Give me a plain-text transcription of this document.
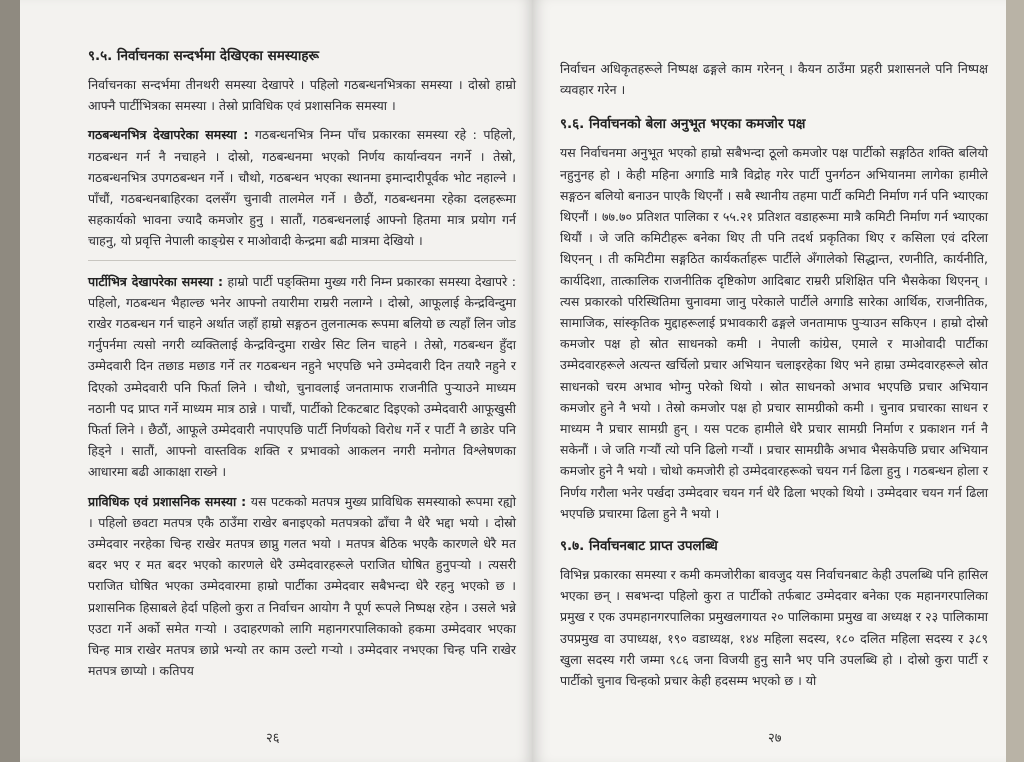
९.५. निर्वाचनका सन्दर्भमा देखिएका समस्याहरू
निर्वाचनका सन्दर्भमा तीनथरी समस्या देखापरे । पहिलो गठबन्धनभित्रका समस्या । दोस्रो हाम्रो आफ्नै पार्टीभित्रका समस्या । तेस्रो प्राविधिक एवं प्रशासनिक समस्या ।
गठबन्धनभित्र देखापरेका समस्या : गठबन्धनभित्र निम्न पाँच प्रकारका समस्या रहे : पहिलो, गठबन्धन गर्न नै नचाहने । दोस्रो, गठबन्धनमा भएको निर्णय कार्यान्वयन नगर्ने । तेस्रो, गठबन्धनभित्र उपगठबन्धन गर्ने । चौथो, गठबन्धन भएका स्थानमा इमान्दारीपूर्वक भोट नहाल्ने । पाँचौं, गठबन्धनबाहिरका दलसँग चुनावी तालमेल गर्ने । छैठौं, गठबन्धनमा रहेका दलहरूमा सहकार्यको भावना ज्यादै कमजोर हुनु । सातौं, गठबन्धनलाई आफ्नो हितमा मात्र प्रयोग गर्न चाहनु, यो प्रवृत्ति नेपाली काङ्ग्रेस र माओवादी केन्द्रमा बढी मात्रमा देखियो ।
पार्टीभित्र देखापरेका समस्या : हाम्रो पार्टी पङ्क्तिमा मुख्य गरी निम्न प्रकारका समस्या देखापरे : पहिलो, गठबन्धन भैहाल्छ भनेर आफ्नो तयारीमा राम्ररी नलाग्ने । दोस्रो, आफूलाई केन्द्रविन्दुमा राखेर गठबन्धन गर्न चाहने अर्थात जहाँ हाम्रो सङ्गठन तुलनात्मक रूपमा बलियो छ त्यहाँ लिन जोड गर्नुपर्नमा त्यसो नगरी व्यक्तिलाई केन्द्रविन्दुमा राखेर सिट लिन चाहने । तेस्रो, गठबन्धन हुँदा उम्मेदवारी दिन तछाड मछाड गर्ने तर गठबन्धन नहुने भएपछि भने उम्मेदवारी दिन तयारै नहुने र दिएको उम्मेदवारी पनि फिर्ता लिने । चौथो, चुनावलाई जनतामाफ राजनीति पुऱ्याउने माध्यम नठानी पद प्राप्त गर्ने माध्यम मात्र ठान्ने । पाचौं, पार्टीको टिकटबाट दिइएको उम्मेदवारी आफूखुसी फिर्ता लिने । छैठौं, आफूले उम्मेदवारी नपाएपछि पार्टी निर्णयको विरोध गर्ने र पार्टी नै छाडेर पनि हिड्ने । सातौं, आफ्नो वास्तविक शक्ति र प्रभावको आकलन नगरी मनोगत विश्लेषणका आधारमा बढी आकाक्षा राख्ने ।
प्राविधिक एवं प्रशासनिक समस्या : यस पटकको मतपत्र मुख्य प्राविधिक समस्याको रूपमा रह्यो । पहिलो छवटा मतपत्र एकै ठाउँमा राखेर बनाइएको मतपत्रको ढाँचा नै धेरै भद्दा भयो । दोस्रो उम्मेदवार नरहेका चिन्ह राखेर मतपत्र छाप्नु गलत भयो । मतपत्र बेठिक भएकै कारणले धेरै मत बदर भए र मत बदर भएको कारणले धेरै उम्मेदवारहरूले पराजित घोषित हुनुपऱ्यो । त्यसरी पराजित घोषित भएका उम्मेदवारमा हाम्रो पार्टीका उम्मेदवार सबैभन्दा धेरै रहनु भएको छ । प्रशासनिक हिसाबले हेर्दा पहिलो कुरा त निर्वाचन आयोग नै पूर्ण रूपले निष्पक्ष रहेन । उसले भन्ने एउटा गर्ने अर्को समेत गऱ्यो । उदाहरणको लागि महानगरपालिकाको हकमा उम्मेदवार भएका चिन्ह मात्र राखेर मतपत्र छाप्ने भन्यो तर काम उल्टो गऱ्यो । उम्मेदवार नभएका चिन्ह पनि राखेर मतपत्र छाप्यो । कतिपय
२६
निर्वाचन अधिकृतहरूले निष्पक्ष ढङ्गले काम गरेनन् । कैयन ठाउँमा प्रहरी प्रशासनले पनि निष्पक्ष व्यवहार गरेन ।
९.६. निर्वाचनको बेला अनुभूत भएका कमजोर पक्ष
यस निर्वाचनमा अनुभूत भएको हाम्रो सबैभन्दा ठूलो कमजोर पक्ष पार्टीको सङ्गठित शक्ति बलियो नहुनुनह हो । केही महिना अगाडि मात्रै विद्रोह गरेर पार्टी पुनर्गठन अभियानमा लागेका हामीले सङ्गठन बलियो बनाउन पाएकै थिएनौं । सबै स्थानीय तहमा पार्टी कमिटी निर्माण गर्न पनि भ्याएका थिएनौं । ७७.७० प्रतिशत पालिका र ५५.२१ प्रतिशत वडाहरूमा मात्रै कमिटी निर्माण गर्न भ्याएका थियौं । जे जति कमिटीहरू बनेका थिए ती पनि तदर्थ प्रकृतिका थिए र कसिला एवं दरिला थिएनन् । ती कमिटीमा सङ्गठित कार्यकर्ताहरू पार्टीले अँगालेको सिद्धान्त, रणनीति, कार्यनीति, कार्यदिशा, तात्कालिक राजनीतिक दृष्टिकोण आदिबाट राम्ररी प्रशिक्षित पनि भैसकेका थिएनन् । त्यस प्रकारको परिस्थितिमा चुनावमा जानु परेकाले पार्टीले अगाडि सारेका आर्थिक, राजनीतिक, सामाजिक, सांस्कृतिक मुद्दाहरूलाई प्रभावकारी ढङ्गले जनतामाफ पुऱ्याउन सकिएन । हाम्रो दोस्रो कमजोर पक्ष हो स्रोत साधनको कमी । नेपाली कांग्रेस, एमाले र माओवादी पार्टीका उम्मेदवारहरूले अत्यन्त खर्चिलो प्रचार अभियान चलाइरहेका थिए भने हाम्रा उम्मेदवारहरूले स्रोत साधनको चरम अभाव भोग्नु परेको थियो । स्रोत साधनको अभाव भएपछि प्रचार अभियान कमजोर हुने नै भयो । तेस्रो कमजोर पक्ष हो प्रचार सामग्रीको कमी । चुनाव प्रचारका साधन र माध्यम नै प्रचार सामग्री हुन् । यस पटक हामीले धेरै प्रचार सामग्री निर्माण र प्रकाशन गर्न नै सकेनौं । जे जति गऱ्यौं त्यो पनि ढिलो गऱ्यौं । प्रचार सामग्रीकै अभाव भैसकेपछि प्रचार अभियान कमजोर हुने नै भयो । चोथो कमजोरी हो उम्मेदवारहरूको चयन गर्न ढिला हुनु । गठबन्धन होला र निर्णय गरौला भनेर पर्खदा उम्मेदवार चयन गर्न धेरै ढिला भएको थियो । उम्मेदवार चयन गर्न ढिला भएपछि प्रचारमा ढिला हुने नै भयो ।
९.७. निर्वाचनबाट प्राप्त उपलब्धि
विभिन्न प्रकारका समस्या र कमी कमजोरीका बावजुद यस निर्वाचनबाट केही उपलब्धि पनि हासिल भएका छन् । सबभन्दा पहिलो कुरा त पार्टीको तर्फबाट उम्मेदवार बनेका एक महानगरपालिका प्रमुख र एक उपमहानगरपालिका प्रमुखलगायत २० पालिकामा प्रमुख वा अध्यक्ष र २३ पालिकामा उपप्रमुख वा उपाध्यक्ष, १९० वडाध्यक्ष, १४४ महिला सदस्य, १८० दलित महिला सदस्य र ३८९ खुला सदस्य गरी जम्मा ९८६ जना विजयी हुनु सानै भए पनि उपलब्धि हो । दोस्रो कुरा पार्टी र पार्टीको चुनाव चिन्हको प्रचार केही हदसम्म भएको छ । यो
२७
